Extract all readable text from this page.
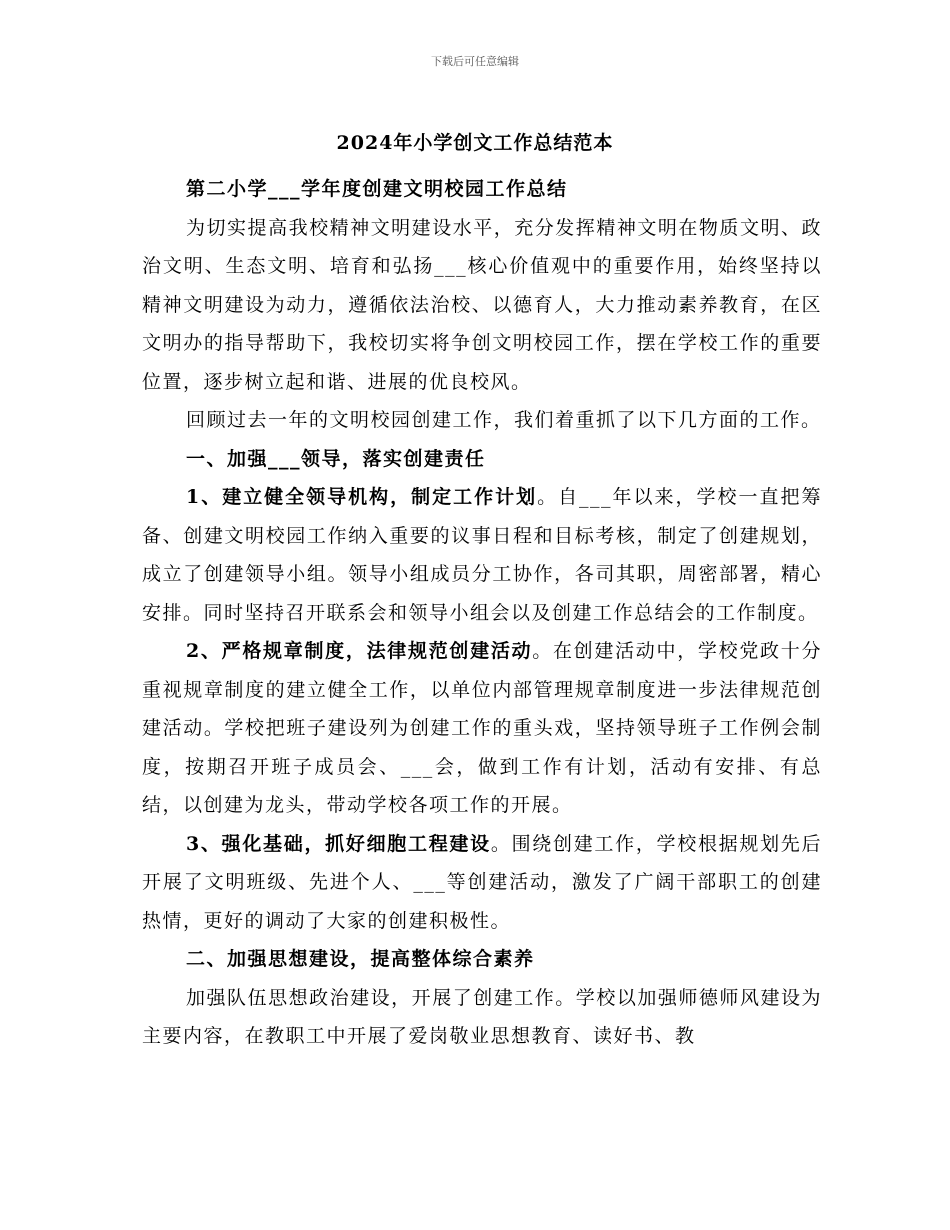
下载后可任意编辑
2024年小学创文工作总结范本

第二小学___学年度创建文明校园工作总结

为切实提高我校精神文明建设水平，充分发挥精神文明在物质文明、政治文明、生态文明、培育和弘扬___核心价值观中的重要作用，始终坚持以精神文明建设为动力，遵循依法治校、以德育人，大力推动素养教育，在区文明办的指导帮助下，我校切实将争创文明校园工作，摆在学校工作的重要位置，逐步树立起和谐、进展的优良校风。

回顾过去一年的文明校园创建工作，我们着重抓了以下几方面的工作。

一、加强___领导，落实创建责任

1、建立健全领导机构，制定工作计划。自___年以来，学校一直把筹备、创建文明校园工作纳入重要的议事日程和目标考核，制定了创建规划，成立了创建领导小组。领导小组成员分工协作，各司其职，周密部署，精心安排。同时坚持召开联系会和领导小组会以及创建工作总结会的工作制度。

2、严格规章制度，法律规范创建活动。在创建活动中，学校党政十分重视规章制度的建立健全工作，以单位内部管理规章制度进一步法律规范创建活动。学校把班子建设列为创建工作的重头戏，坚持领导班子工作例会制度，按期召开班子成员会、___会，做到工作有计划，活动有安排、有总结，以创建为龙头，带动学校各项工作的开展。

3、强化基础，抓好细胞工程建设。围绕创建工作，学校根据规划先后开展了文明班级、先进个人、___等创建活动，激发了广阔干部职工的创建热情，更好的调动了大家的创建积极性。

二、加强思想建设，提高整体综合素养

加强队伍思想政治建设，开展了创建工作。学校以加强师德师风建设为主要内容，在教职工中开展了爱岗敬业思想教育、读好书、教
